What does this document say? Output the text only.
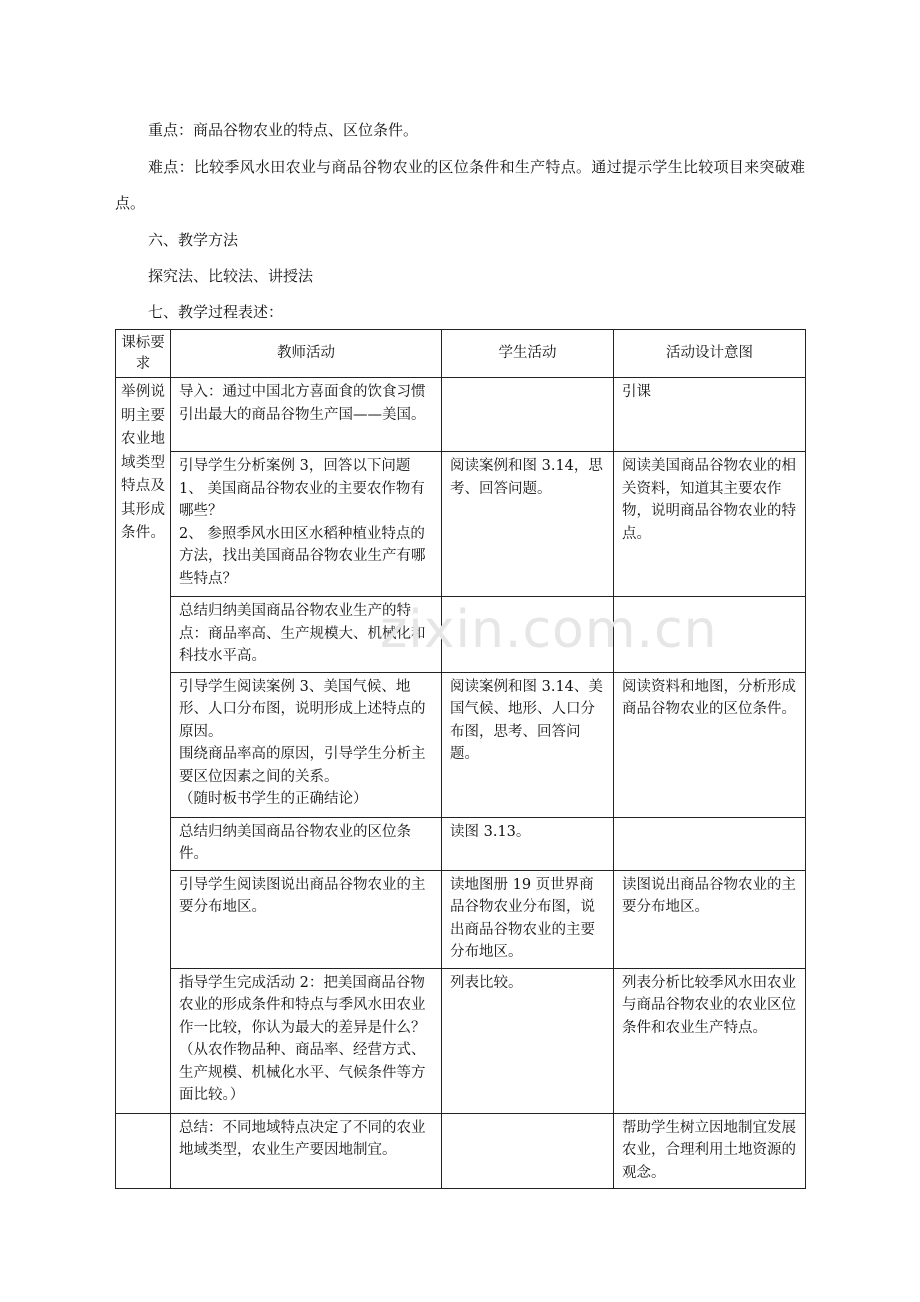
重点：商品谷物农业的特点、区位条件。

难点：比较季风水田农业与商品谷物农业的区位条件和生产特点。通过提示学生比较项目来突破难点。

六、教学方法

探究法、比较法、讲授法

七、教学过程表述：

课标要求	教师活动	学生活动	活动设计意图
举例说明主要农业地域类型特点及其形成条件。	导入：通过中国北方喜面食的饮食习惯引出最大的商品谷物生产国——美国。		引课

	引导学生分析案例 3，回答以下问题
1、 美国商品谷物农业的主要农作物有哪些？
2、 参照季风水田区水稻种植业特点的方法，找出美国商品谷物农业生产有哪些特点？	阅读案例和图 3.14，思考、回答问题。	阅读美国商品谷物农业的相关资料，知道其主要农作物，说明商品谷物农业的特点。
	总结归纳美国商品谷物农业生产的特点：商品率高、生产规模大、机械化和科技水平高。		

	引导学生阅读案例 3、美国气候、地形、人口分布图，说明形成上述特点的原因。
围绕商品率高的原因，引导学生分析主要区位因素之间的关系。
（随时板书学生的正确结论）	阅读案例和图 3.14、美国气候、地形、人口分布图，思考、回答问题。	阅读资料和地图，分析形成商品谷物农业的区位条件。
	总结归纳美国商品谷物农业的区位条件。	读图 3.13。	
	引导学生阅读图说出商品谷物农业的主要分布地区。	读地图册 19 页世界商品谷物农业分布图，说出商品谷物农业的主要分布地区。	读图说出商品谷物农业的主要分布地区。
	指导学生完成活动 2：把美国商品谷物农业的形成条件和特点与季风水田农业作一比较，你认为最大的差异是什么？（从农作物品种、商品率、经营方式、生产规模、机械化水平、气候条件等方面比较。）	列表比较。	列表分析比较季风水田农业与商品谷物农业的农业区位条件和农业生产特点。
	总结：不同地域特点决定了不同的农业地域类型，农业生产要因地制宜。		帮助学生树立因地制宜发展农业，合理利用土地资源的观念。
zixin.com.cn
